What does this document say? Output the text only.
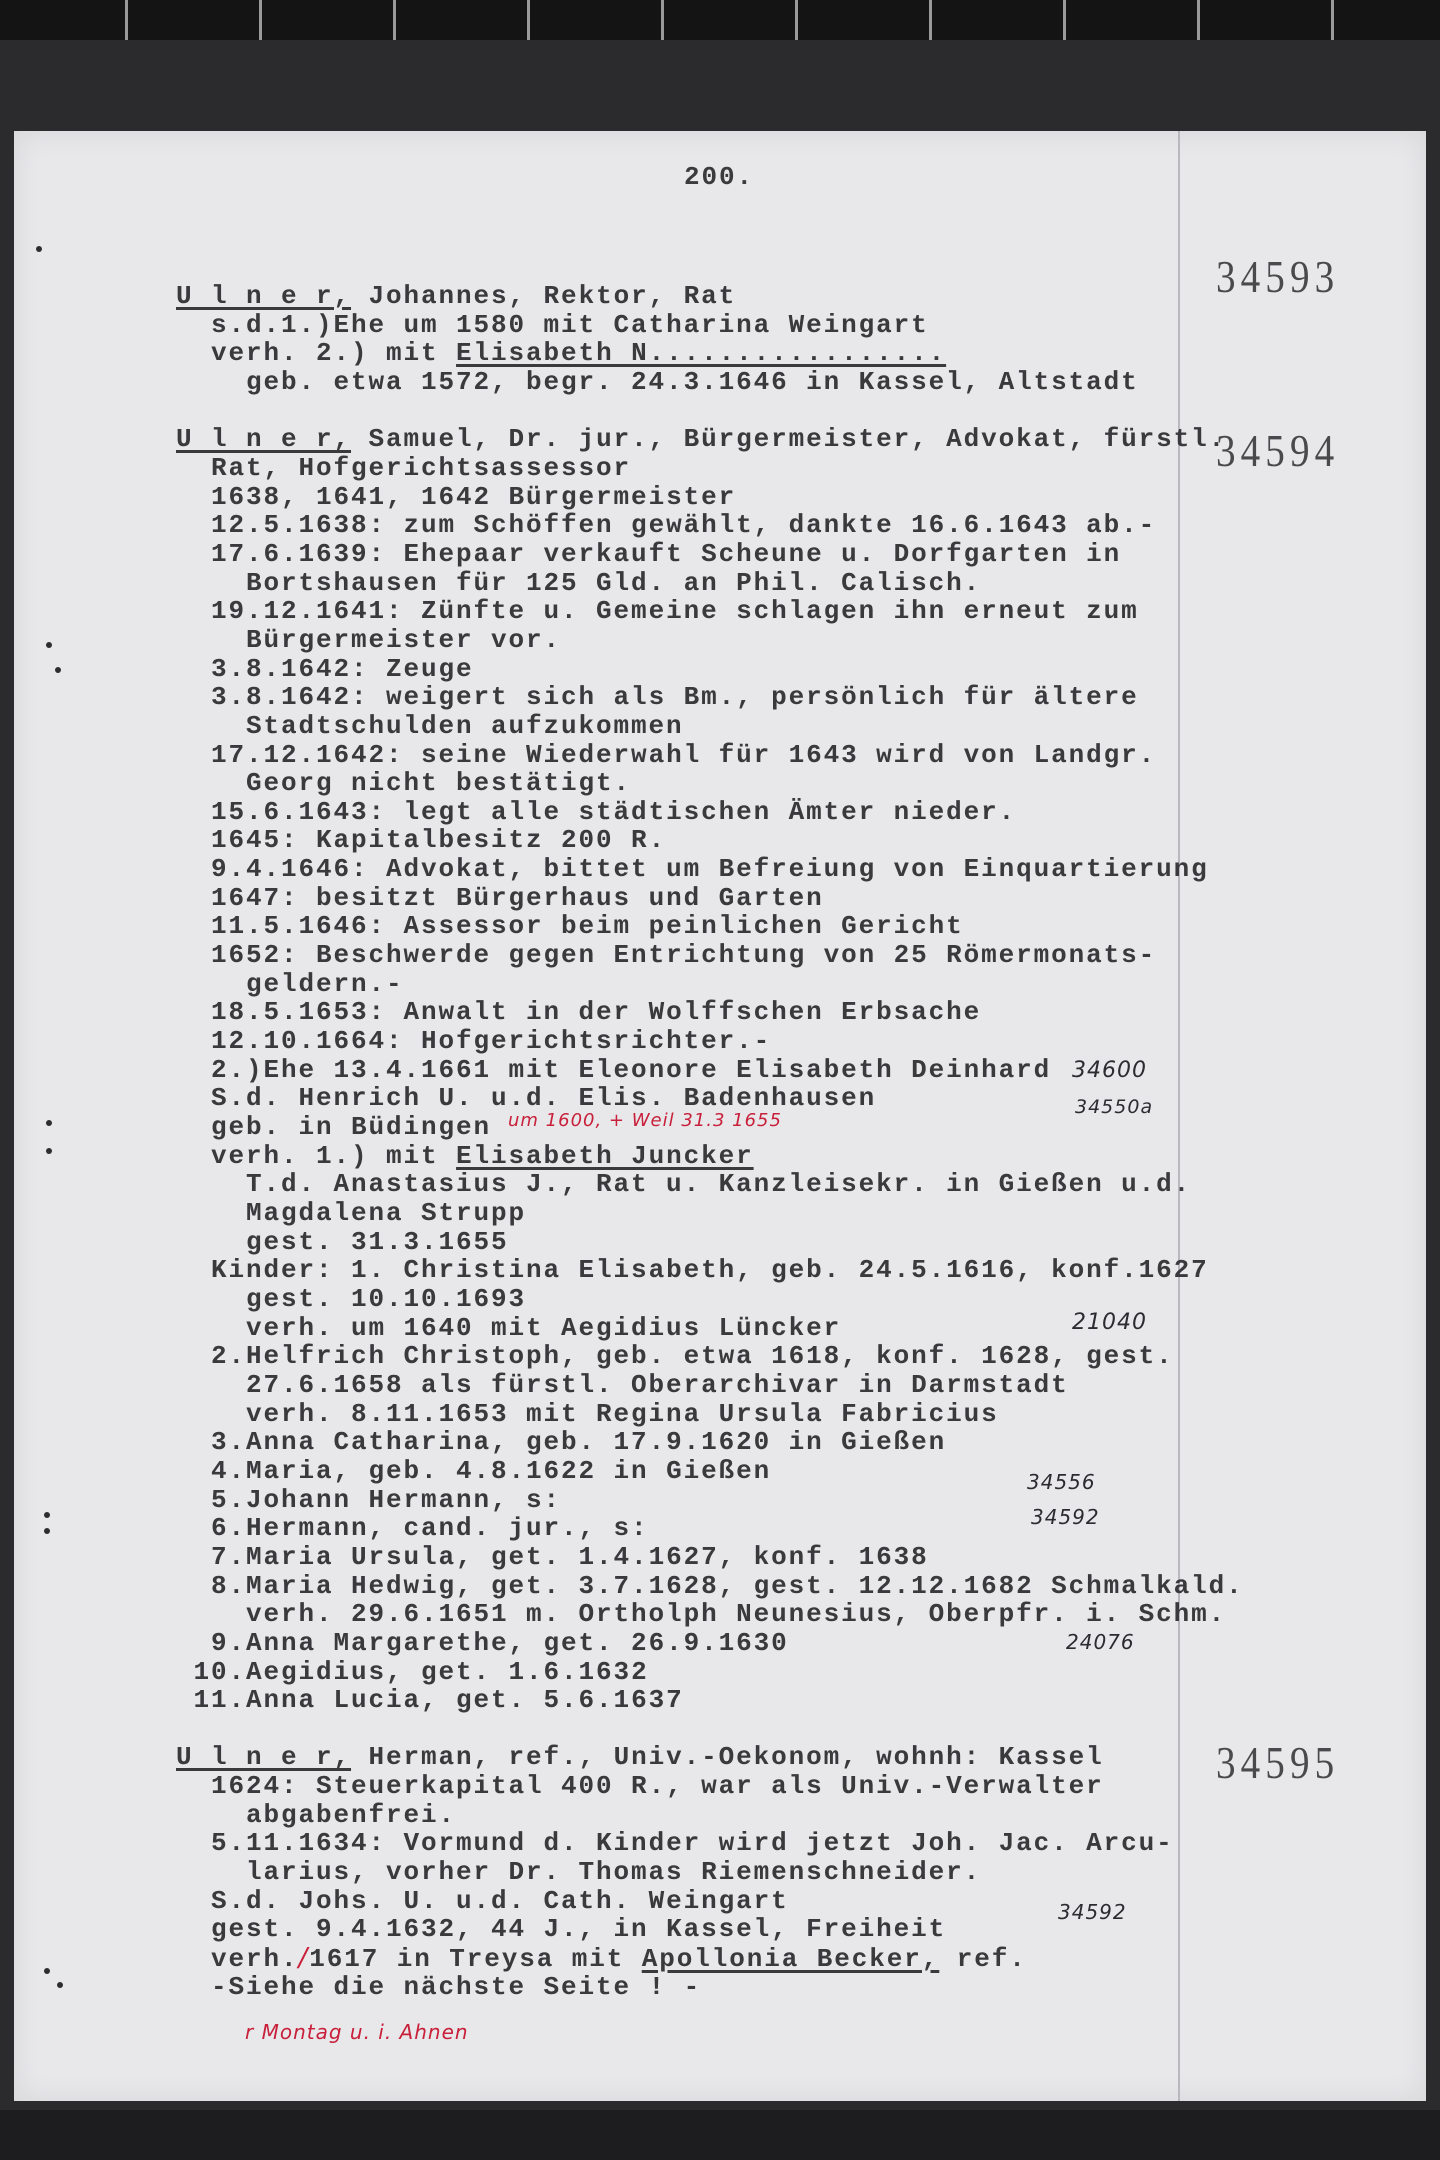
200.
34593
34594
34595
U l n e r, Johannes, Rektor, Rat
s.d.1.)Ehe um 1580 mit Catharina Weingart
verh. 2.) mit Elisabeth N.................
geb. etwa 1572, begr. 24.3.1646 in Kassel, Altstadt
U l n e r, Samuel, Dr. jur., Bürgermeister, Advokat, fürstl.
Rat, Hofgerichtsassessor
1638, 1641, 1642 Bürgermeister
12.5.1638: zum Schöffen gewählt, dankte 16.6.1643 ab.-
17.6.1639: Ehepaar verkauft Scheune u. Dorfgarten in
Bortshausen für 125 Gld. an Phil. Calisch.
19.12.1641: Zünfte u. Gemeine schlagen ihn erneut zum
Bürgermeister vor.
3.8.1642: Zeuge
3.8.1642: weigert sich als Bm., persönlich für ältere
Stadtschulden aufzukommen
17.12.1642: seine Wiederwahl für 1643 wird von Landgr.
Georg nicht bestätigt.
15.6.1643: legt alle städtischen Ämter nieder.
1645: Kapitalbesitz 200 R.
9.4.1646: Advokat, bittet um Befreiung von Einquartierung
1647: besitzt Bürgerhaus und Garten
11.5.1646: Assessor beim peinlichen Gericht
1652: Beschwerde gegen Entrichtung von 25 Römermonats-
geldern.-
18.5.1653: Anwalt in der Wolffschen Erbsache
12.10.1664: Hofgerichtsrichter.-
2.)Ehe 13.4.1661 mit Eleonore Elisabeth Deinhard
S.d. Henrich U. u.d. Elis. Badenhausen
geb. in Büdingen
verh. 1.) mit Elisabeth Juncker
T.d. Anastasius J., Rat u. Kanzleisekr. in Gießen u.d.
Magdalena Strupp
gest. 31.3.1655
Kinder: 1. Christina Elisabeth, geb. 24.5.1616, konf.1627
gest. 10.10.1693
verh. um 1640 mit Aegidius Lüncker
2.Helfrich Christoph, geb. etwa 1618, konf. 1628, gest.
27.6.1658 als fürstl. Oberarchivar in Darmstadt
verh. 8.11.1653 mit Regina Ursula Fabricius
3.Anna Catharina, geb. 17.9.1620 in Gießen
4.Maria, geb. 4.8.1622 in Gießen
5.Johann Hermann, s:
6.Hermann, cand. jur., s:
7.Maria Ursula, get. 1.4.1627, konf. 1638
8.Maria Hedwig, get. 3.7.1628, gest. 12.12.1682 Schmalkald.
verh. 29.6.1651 m. Ortholph Neunesius, Oberpfr. i. Schm.
9.Anna Margarethe, get. 26.9.1630
10.Aegidius, get. 1.6.1632
11.Anna Lucia, get. 5.6.1637
U l n e r, Herman, ref., Univ.-Oekonom, wohnh: Kassel
1624: Steuerkapital 400 R., war als Univ.-Verwalter
abgabenfrei.
5.11.1634: Vormund d. Kinder wird jetzt Joh. Jac. Arcu-
larius, vorher Dr. Thomas Riemenschneider.
S.d. Johs. U. u.d. Cath. Weingart
gest. 9.4.1632, 44 J., in Kassel, Freiheit
verh./1617 in Treysa mit Apollonia Becker, ref.
-Siehe die nächste Seite ! -
34600
34550a
um 1600, + Weil 31.3 1655
21040
34556
34592
24076
34592
r Montag u. i. Ahnen
